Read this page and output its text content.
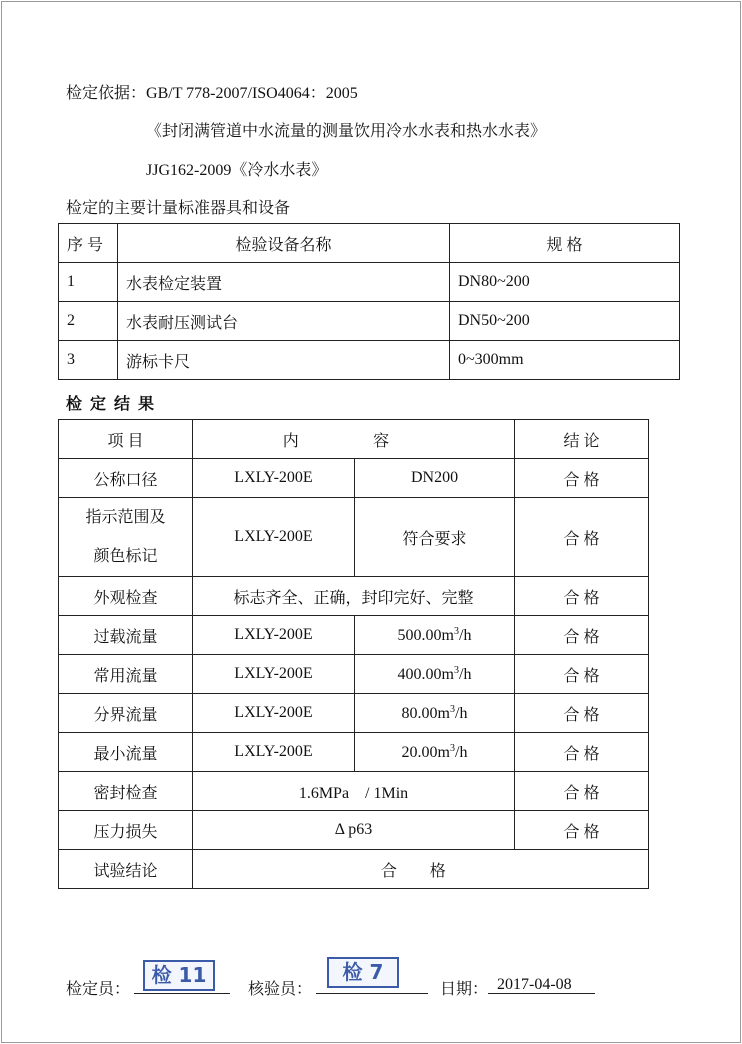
检定依据：GB/T 778-2007/ISO4064：2005
《封闭满管道中水流量的测量饮用冷水水表和热水水表》
JJG162-2009《冷水水表》
检定的主要计量标准器具和设备
序 号	检验设备名称	规 格
1	水表检定装置	DN80~200
2	水表耐压测试台	DN50~200
3	游标卡尺	0~300mm
检定结果
项 目	内 容		结 论
公称口径	LXLY-200E	DN200	合 格

指示范围及
颜色标记	LXLY-200E	符合要求	合 格
外观检查	标志齐全、正确，封印完好、完整		合 格
过载流量	LXLY-200E	$500.00m^3/h$	合 格
常用流量	LXLY-200E	$400.00m^3/h$	合 格
分界流量	LXLY-200E	$80.00m^3/h$	合 格
最小流量	LXLY-200E	$20.00m^3/h$	合 格
密封检查	1.6MPa　/ 1Min		合 格
压力损失	Δ p63		合 格
试验结论	合 格		
检定员：
检 11
核验员：
检 7
日期： 2017-04-08
